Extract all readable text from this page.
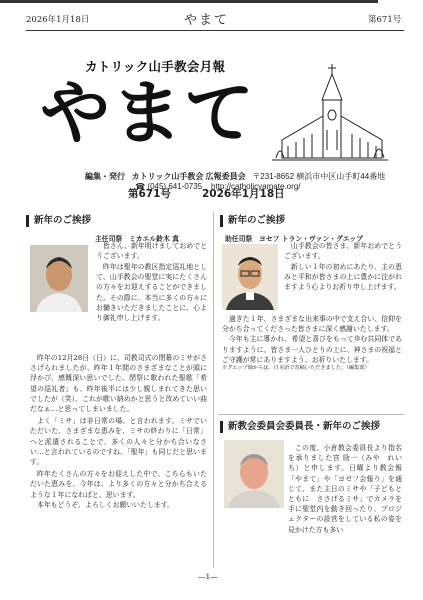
2026年1月18日	やまて	第671号
カトリック山手教会月報
やまて
編集・発行 カトリック山手教会 広報委員会 〒231-8652 横浜市中区山手町44番地
☎ (045) 641-0735 http://catholicyamate.org/
第671号	2026年1月18日
新年のご挨拶
主任司祭　ミカエル鈴木 真

皆さん、新年明けましておめでとうございます。

昨年は聖年の教区指定巡礼地として、山手教会の聖堂に実にたくさんの方々をお迎えすることができました。その際に、本当に多くの方々にお働きいただきましたことに、心より御礼申し上げます。

昨年の12月28日（日）に、司教司式の閉幕のミサがささげられましたが、昨年１年間のさまざまなことが頭に浮かび、感慨深い思いでした。閉祭に歌われた聖歌「希望の巡礼者」も、昨年後半には少し親しまれてきた思いでしたが（笑）、これが歌い納めかと思うと改めていい曲だなぁ…と思ってしまいました。

よく「ミサ」は非日常の場、と言われます。ミサでいただいた、さまざまな恵みを、ミサの終わりに「日常」へと派遣されることで、多くの人々と分かち合いなさい…と言われているのですね。「聖年」も同じだと思います。

昨年たくさんの方々をお迎えした中で、こちらもいただいた恵みを、今年は、より多くの方々と分かち合えるような１年になればと、思います。

本年もどうぞ、よろしくお願いいたします。

新年のご挨拶
助任司祭　ヨセフ トラン・ヴァン・グエップ

山手教会の皆さま、新年おめでとうございます。

新しい１年の初めにあたり、主の恵みと平和が皆さまの上に豊かに注がれますよう心よりお祈り申し上げます。

過ぎた１年、さまざまな出来事の中で支え合い、信仰を分かち合ってくださった皆さまに深く感謝いたします。

今年も主に導かれ、希望と喜びをもって歩む共同体でありますように。皆さま一人ひとりの上に、神さまの祝福とご守護が常にありますよう、お祈りいたします。

※グエップ師からは、日本語で寄稿いただきました。（編集部）

新教会委員会委員長・新年のご挨拶

この度、小倉教会委員長より指名を承りました宮 励一（みや　れいち）と申します。日曜より教会報「やまて」や「ヨゼフ会報り」を通じて、また主日のミサや「子どもとともに　ささげるミサ」でカメラを手に聖堂内を動き回ったり、プロジェクターの設営をしている私の姿を見かけた方も多い

―1―
